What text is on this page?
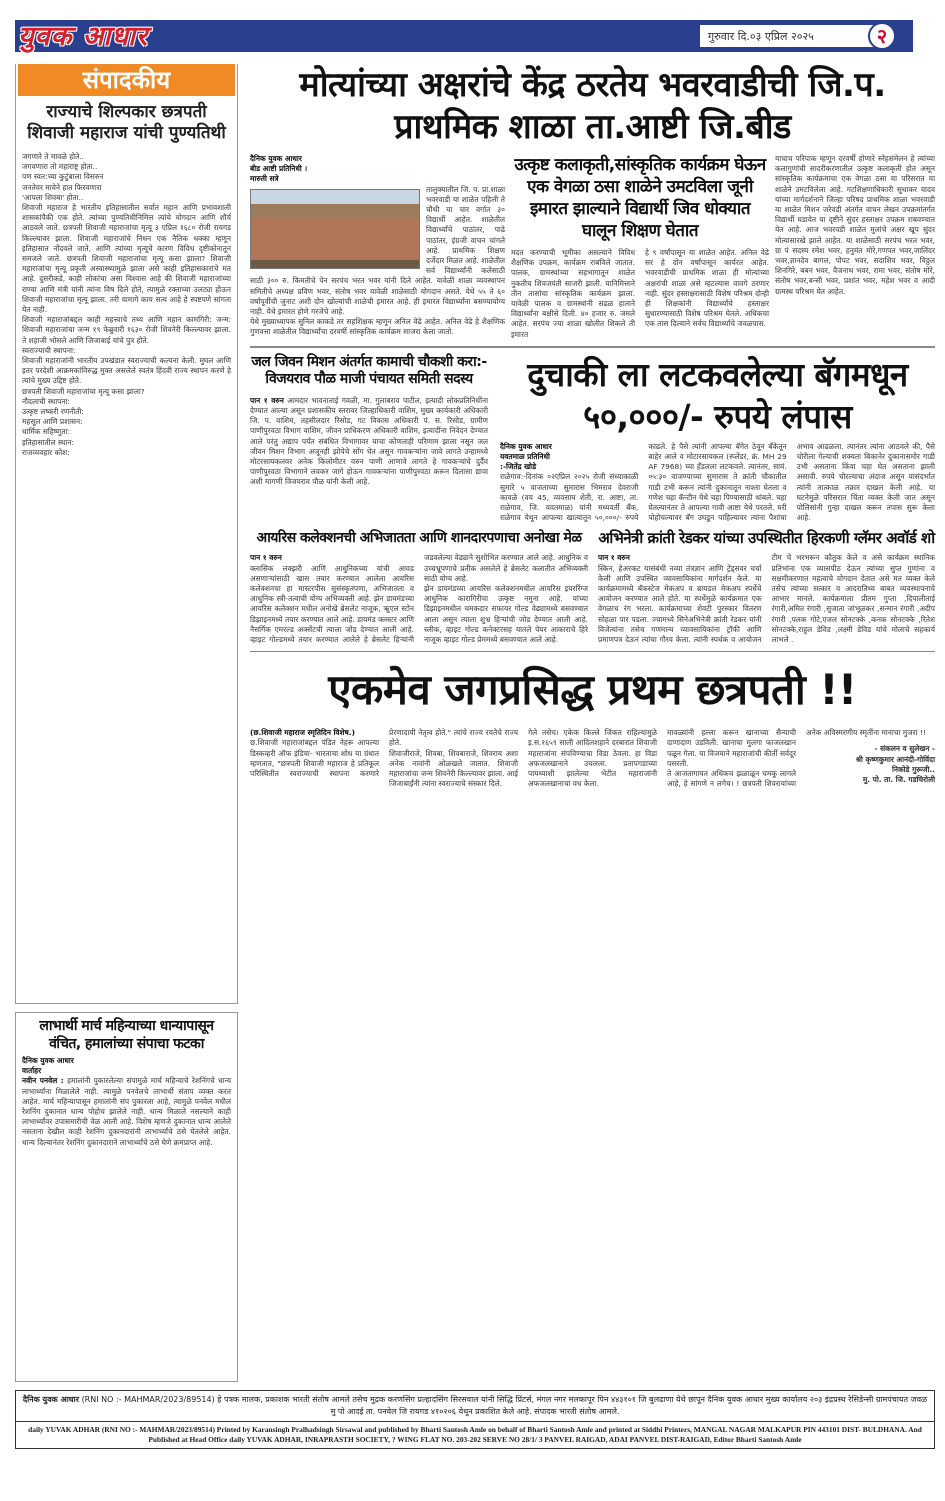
युवक आधार	गुरुवार दि.०३ एप्रिल २०२५	२
संपादकीय
राज्याचे शिल्पकार छत्रपती शिवाजी महाराज यांची पुण्यतिथी

जगणारे ते मावळे होते..

जगवणारा तो महाराष्ट्र होता..

पण स्वत:च्या कुटुंबाला विसरुन

जनतेवर मायेने हात फिरवणारा

'आपला शिवबा' होता..

शिवाजी महाराज हे भारतीय इतिहासातील सर्वात महान आणि प्रभावशाली शासकांपैकी एक होते. त्यांच्या पुण्यतिथीनिमित्त त्यांचे योगदान आणि शौर्य आठवले जाते. छत्रपती शिवाजी महाराजांचा मृत्यू ३ एप्रिल १६८० रोजी रायगड किल्ल्यावर झाला. शिवाजी महाराजांचे निधन एक नैतिक धक्का म्हणून इतिहासात नोंदवले जाते, आणि त्यांच्या मृत्यूचे कारण विविध दृष्टीकोनातून समजले जाते. छत्रपती शिवाजी महाराजांचा मृत्यू कसा झाला? शिवाजी महाराजांचा मृत्यू प्रकृती अस्वास्थ्यामुळे झाला असे काही इतिहासकारांचे मत आहे. दुसरीकडे, काही लोकांचा असा विश्वास आहे की शिवाजी महाराजांच्या राण्या आणि मंत्री यांनी त्यांना विष दिले होते, त्यामुळे रक्ताच्या उलट्या होऊन शिवाजी महाराजांचा मृत्यू झाला. तरी यामागे काय सत्य आहे हे स्पष्टपणे सांगता येत नाही.

शिवाजी महाराजांबद्दल काही महत्त्वाचे तथ्य आणि महान कामगिरी: जन्म: शिवाजी महाराजांचा जन्म १९ फेब्रुवारी १६३० रोजी शिवनेरी किल्ल्यावर झाला. ते शहाजी भोसले आणि जिजाबाई यांचे पुत्र होते.

स्वराज्याची स्थापना:

शिवाजी महाराजांनी भारतीय उपखंडात स्वराज्याची कल्पना केली. मुघल आणि इतर परदेशी आक्रमकांविरुद्ध मुक्त असलेले स्वतंत्र हिंदवी राज्य स्थापन करणे हे त्यांचे मुख्य उद्दिष्ट होते.

छत्रपती शिवाजी महाराजांचा मृत्यू कसा झाला?

नौदलाची स्थापना:

उत्कृष्ट लष्करी रणनीती:

महसूल आणि प्रशासन:

धार्मिक सहिष्णुता:

इतिहासातील स्थान:

राजव्यवहार कोश:

लाभार्थी मार्च महिन्याच्या धान्यापासून वंचित, हमालांच्या संपाचा फटका
दैनिक युवक आधार
वार्ताहर
नवीन पनवेल : हमालांनी पुकारलेल्या संपामुळे मार्च महिन्याचे रेशनिंगचे धान्य लाभार्थ्यांना मिळालेले नाही. त्यामुळे पनवेलचे लाभार्थी संताप व्यक्त करत आहेत. मार्च महिन्यापासून हमालांनी संप पुकारला आहे, त्यामुळे पनवेल मधील रेशनिंग दुकानात धान्य पोहोच झालेले नाही. धान्य मिळाले नसल्याने काही लाभार्थ्यांवर उपासमारीची वेळ आली आहे. विशेष म्हणजे दुकानात धान्य आलेले नसताना देखील काही रेशनिंग दुकानदारांनी लाभार्थ्यांचे ठसे घेतलेले आहेत. धान्य दिल्यानंतर रेशनिंग दुकानदाराने लाभार्थ्यांचे ठसे घेणे क्रमप्राप्त आहे.
मोत्यांच्या अक्षरांचे केंद्र ठरतेय भवरवाडीची जि.प. प्राथमिक शाळा ता.आष्टी जि.बीड
दैनिक युवक आधार
बीड आष्टी प्रतिनिधी ।
मारुती सत्रे

तालुक्यातील जि. प. प्रा.शाळा भवरवाडी या शाळेत पहिली ते चौथी या चार वर्गात ३० विद्यार्थी आहेत. शाळेतील विद्यार्थ्यांचे पाठांतर, पाढे पाठांतर, इंग्रजी वाचन चांगले आहे. प्राथमिक शिक्षण दर्जेदार मिळत आहे. शाळेतील सर्व विद्यार्थ्यांनी कलेसाठी साठी ३०० रु. किमतीचे पेन सरपंच भरत भवर यांनी दिले आहेत. यावेळी शाळा व्यवस्थापन समितीचे अध्यक्ष प्रविण भवर, संतोष भवर यावेळी शाळेसाठी योगदान असते. येथे ५५ ते ६० वर्षांपूर्वीची जुनाट अशी दोन खोल्यांची शाळेची इमारत आहे. ही इमारत विद्यार्थ्यांना बसण्यायोग्य नाही. येथे इमारत होणे गरजेचे आहे.

येथे मुख्याध्यापक सुनिल काकडे तर सहशिक्षक म्हणून अनिल वेढे आहेत. अनिल वेढे हे शैक्षणिक गुणवत्ता शाळेतील विद्यार्थ्यांचा दरवर्षी सांस्कृतिक कार्यक्रम साजरा केला जातो.

उत्कृष्ट कलाकृती,सांस्कृतिक कार्यक्रम घेऊन एक वेगळा ठसा शाळेने उमटविला जूनी इमारत झाल्याने विद्यार्थी जिव धोक्यात घालून शिक्षण घेतात

मदत करण्याची भूमीका असल्याने विविध शैक्षणिक उपक्रम, कार्यक्रम राबविले जातात. पालक, ग्रामस्थांच्या सहभागातून शाळेत नुकतीच शिवजयंती साजरी झाली. यानिमित्ताने तीन तासांचा सांस्कृतिक कार्यक्रम झाला. यावेळी पालक व ग्रामस्थांनी सढळ हाताने विद्यार्थ्यांना बक्षीसे दिली. ४० हजार रु. जमले आहेत. सरपंच ज्या शाळा खोलीत शिकले ती इमारत

हे ९ वर्षांपासून या शाळेत आहेत. अनिल वेढे सर हे दोन वर्षांपासून कार्यरत आहेत. भवरवाडीची प्राथमिक शाळा ही मोत्यांच्या अक्षरांची शाळा असे म्हटल्यास वावगे ठरणार नाही. सुंदर हस्ताक्षरासाठी विशेष परिश्रम दोन्ही ही शिक्षकांनी विद्यार्थ्यांचे हस्ताक्षर सुधारण्यासाठी विशेष परिश्रम घेतले. अधिकचा एक तास दिल्याने सर्वच विद्यार्थ्यांचे जवळपास.

याचाच परिपाक म्हणून दरवर्षी होणारे स्नेहसंमेलन हे त्यांच्या कलागुणांची सादरीकरणातील उत्कृष्ट कलाकृती होत असून सांस्कृतिक कार्यक्रमाचा एक वेगळा ठसा या परिसरात या शाळेने उमटविलेला आहे. गटशिक्षणाधिकारी सुधाकर यादव यांच्या मार्गदर्शनाने जिल्हा परिषद प्राथमिक शाळा भवरवाडी या शाळेत मिशन जरेवडी अंतर्गत वाचन लेखन उपक्रमांतर्गत विद्यार्थी घडावेत या दृष्टीने सुंदर हस्ताक्षर उपक्रम राबवण्यात येत आहे. आज भवरवडी शाळेत मुलांचे अक्षर खूप सुंदर मोत्यासारखे झाले आहेत. या शाळेसाठी सरपंच भरत भवर, ग्रा पं सदस्य रमेश भवर, हनुमंत मोरे,गणपत भवर,जालिंदर भवर,ज्ञानदेव बागल, पोपट भवर, सदाशिव भवर, विठ्ठल शिनगिरे, बबन भवर, वैजनाथ भवर, रामा भवर, संतोष मोरे, संतोष भवर,बन्सी भवर, प्रशांत भवर, महेश भवर व आदी ग्रामस्थ परिश्रम घेत आहेत.

जल जिवन मिशन अंतर्गत कामाची चौकशी करा:- विजयराव पौळ माजी पंचायत समिती सदस्य
पान १ वरुन आमदार भावनाताई गवळी, मा. गुलाबराव पाटील, इत्यादी लोकप्रतिनिधींना देण्यात आल्या असून प्रशासकीय स्तरावर जिल्हाधिकारी वाशिम, मुख्य कार्यकारी अधिकारी जि. प. वाशिम, तहसीलदार रिसोड, गट विकास अधिकारी पं. स. रिसोड, ग्रामीण पाणीपुरवठा विभाग वाशिम, जीवन प्राधिकरण अधिकारी वाशिम, इत्यादींना निवेदन देण्यात आले परंतु अद्याप पर्यंत संबंधित विभागावर याचा कोणताही परिणाम झाला नसून जल जीवन मिशन विभाग अजूनही झोपेचे सोंग घेत असून गावकऱ्यांना जावे लागते उन्हामध्ये मोटरसायकलवर अनेक किलोमीटर वरुन पाणी आणावे लागते हे गावकऱ्यांचे दुर्दैव पाणीपुरवठा विभागाने लवकर जागे होऊन गावकऱ्यांना पाणीपुरवठा करून दिलासा द्यावा अशी मागणी विजयराव पौळ यांनी केली आहे.
दुचाकी ला लटकवलेल्या बॅगमधून ५०,०००/- रुपये लंपास
दैनिक युवक आधार
यवतमाळ प्रतिनिधी
:-जितेंद्र खोडे

राळेगाव:-दिनांक ०२एप्रिल २०२५ रोजी संध्याकाळी सुमारे ५ वाजताच्या सुमारास भिमराव देवराजी कावळे (वय 45, व्यवसाय शेती, रा. आष्टा, ता. राळेगाव, जि. यवतमाळ) यांनी मध्यवर्ती बँक, राळेगाव येथून आपल्या खात्यातून ५०,०००/- रुपये काढले. हे पैसे त्यांनी आपल्या बॅगेत ठेवून बँकेतून बाहेर आले व मोटारसायकल (स्प्लेंडर, क्रं. MH 29 AF 7968) च्या हँडलला लटकवले. त्यानंतर, सायं. ०५:३० वाजण्याच्या सुमारास ते क्रांती चौकातील गाडी उभी करून त्यांनी दुकानातून नाश्ता घेतला व गणेश चहा कॅन्टीन येथे चहा पिण्यासाठी थांबले. चहा घेतल्यानंतर ते आपल्या गावी आष्टा येथे परतले. घरी पोहोचल्यावर बॅग उघडून पाहिल्यावर त्यांना पैशांचा अभाव आढळला. त्यानंतर त्यांना आठवले की, पैसे चोरीला गेल्याची शक्यता बिकानेर दुकानासमोर गाडी उभी असताना किंवा चहा घेत असताना झाली असावी. रुपये चोरल्याचा अंदाज असून यासंदर्भात त्यांनी तात्काळ तक्रार दाखल केली आहे. या घटनेमुळे परिसरात चिंता व्यक्त केली जात असून पोलिसांनी गुन्हा दाखल करून तपास सुरू केला आहे.

आयरिस कलेक्शनची अभिजातता आणि शानदारपणाचा अनोखा मेळ
पान १ वरुन

क्लासिक लक्झरी आणि आधुनिकच्या यांची आवड असणाऱ्यांसाठी खास तयार करण्यात आलेला आयरिस कलेक्शनचा हा मास्टरपीस सुसंस्कृतपणा, अभिजातता व आधुनिक स्त्री-तत्वाची योग्य अभिव्यक्ती आहे. झेन डायमंडच्या आयरिस कलेक्शन मधील अनोखे ब्रेसलेट नाजूक, ऋुएल स्टोन डिझाइनमध्ये तयार करण्यात आले आहे. डायमंड क्लस्टर आणि नैसर्गिक एमरल्ड अक्सेंटची त्याला जोड देण्यात आली आहे. व्हाइट गोल्डमध्ये तयार करण्यात आलेले हे ब्रेसलेट हिऱ्यांनी जडवलेल्या वेढ्याने सुशोभित करण्यात आले आहे. आधुनिक व उच्चभ्रूपणाचे प्रतीक असलेले हे ब्रेसलेट कलातीत अभिव्यक्ती साठी योग्य आहे.

झेन डायमंडच्या आयरिस कलेक्शनमधील आयरिस इयररिंग्ज आधुनिक कारागिरीचा उत्कृष्ट नमुना आहे. यांच्या डिझाइनमधील चमकदार सफायर गोल्ड वेढ्यामध्ये बसवण्यात आला असून त्याला शुभ्र हिऱ्यांची जोड देण्यात आली आहे. स्लीक, व्हाइट गोल्ड कनेक्टरसह यातले पेयर आकाराचे हिरे नाजूक व्हाइट गोल्ड प्रेममध्ये बसवण्यात आले आहे.

अभिनेत्री क्रांती रेडकर यांच्या उपस्थितीत हिरकणी ग्लॅमर अवॉर्ड शो
पान १ वरुन

स्किन, हेअरकट यासंबंधी नव्या तंत्रज्ञान आणि ट्रेंड्सवर चर्चा केली आणि उपस्थित व्यावसायिकांना मार्गदर्शन केले. या कार्यक्रमामध्ये बॅकस्टेज मेकअप व ब्रायडल मेकअप स्पर्धेचे आयोजन करण्यात आले होते. या स्पर्धेमुळे कार्यक्रमात एक वेगळाच रंग भरला. कार्यक्रमाच्या शेवटी पुरस्कार वितरण सोहळा पार पडला. ज्यामध्ये सिनेअभिनेत्री क्रांती रेडकर यांनी विजेत्यांना तसेच गणमान्य व्यावसायिकांना ट्रॉफी आणि प्रमाणपत्र देऊन त्यांचा गौरव केला. त्यांनी स्पर्धक व आयोजन टीम चे भरभरून कौतुक केले व असे कार्यक्रम स्थानिक प्रतिभांना एक व्यासपीठ देऊन त्यांच्या सुप्त गुणांना व सक्षमीकरणात महत्वाचे योगदान देतात असे मत व्यक्त केले तसेच त्यांच्या सत्कार व आदरातिथ्य बाबत व्यवस्थापनाचे आभार मानले. कार्यक्रमाला प्रीतम गुप्ता ,दिपालीताई रंगारी,अमित रंगारी ,सुजाता जांभूळकर ,सन्मान रंगारी ,अदीप रंगारी ,पलक गोटे,एजल सोनटक्के ,कनक सोनटक्के ,रितेश सोनटक्के,राहुल डेविड ,लक्ष्मी डेविड यांचे मोलाचे सहकार्य लाभले .

एकमेव जगप्रसिद्ध प्रथम छत्रपती !!
(छ.शिवाजी महाराज स्मृतिदिन विशेष.)

छ.शिवाजी महाराजांबद्दल पंडित नेहरू आपल्या डिस्कव्हरी ऑफ इंडिया- भारताचा शोध या ग्रंथात म्हणतात, "छत्रपती शिवाजी महाराज हे प्रतिकूल परिस्थितीत स्वराज्याची स्थापना करणारे प्रेरणादायी नेतृत्व होते." त्यांचे राज्य रयतेचे राज्य होते.

शिवाजीराजे, शिवबा, शिवबाराजे, शिवराय अशा अनेक नावांनी ओळखले जातात. शिवाजी महाराजांचा जन्म शिवनेरी किल्ल्यावर झाला. आई जिजाबाईंनी त्यांना स्वराज्याचे संस्कार दिले.

गेले तसेच। एकेक किल्ले जिंकत राहिल्यामुळे इ.स.१६५९ साली आदिलशहाने दरबारात शिवाजी महाराजांना संपविण्याचा विडा ठेवला. हा विडा अफजलखानाने उचलला. प्रतापगडाच्या पायथ्याशी झालेल्या भेटीत महाराजांनी अफजलखानाचा वध केला.

मावळ्यांनी हल्ला करून खानाच्या सैन्याची दाणादाण उडविली. खानाचा मुलगा फाजलखान पळून गेला. या विजयाने महाराजांची कीर्ती सर्वदूर पसरली.

ते आजतागायत अधिकच झळाळून चमकू लागले आहे, हे सांगणे न लगेच। ! छत्रपती शिवरायांच्या अनेक अविस्मरणीय स्मृतींना मानाचा मुजरा !!

- संकलन व सुलेखन -

श्री कृष्णकुमार आनंदी-गोविंदा

निकोडे गुरूजी..

मु. पो. ता. जि. गडचिरोली

दैनिक युवक आधार (RNI NO :- MAHMAR/2023/89514) हे पत्रक मालक, प्रकाशक भारती संतोष आमले तसेच मुद्रक करणसिंग प्रल्हादसिंग सिरसवाल यांनी सिद्धि प्रिंटर्स, मंगल नगर मलकापूर पिन ४४३१०१ जि बुलढाणा येथे छापून दैनिक युवक आधार मुख्य कार्यालय २०३ इंद्रप्रस्थ रेसिडेन्सी ग्रामपंचायत जवळ मु पो आदई ता. पनवेल जि रायगड ४१०२०६ येथून प्रकाशित केले आहे. संपादक भारती संतोष आमले.
daily YUVAK ADHAR (RNI NO :- MAHMAR/2023/89514) Printed by Karansingh Pralhadsingh Sirsawal and published by Bharti Santosh Amle on behalf of Bharti Santosh Amle and printed at Siddhi Printers, MANGAL NAGAR MALKAPUR PIN 443101 DIST- BULDHANA. And Published at Head Office daily YUVAK ADHAR, INRAPRASTH SOCIETY, ? WING FLAT NO. 203-202 SERVE NO 28/1/ 3 PANVEL RAIGAD, ADAI PANVEL DIST-RAIGAD, Editor Bharti Santosh Amle
